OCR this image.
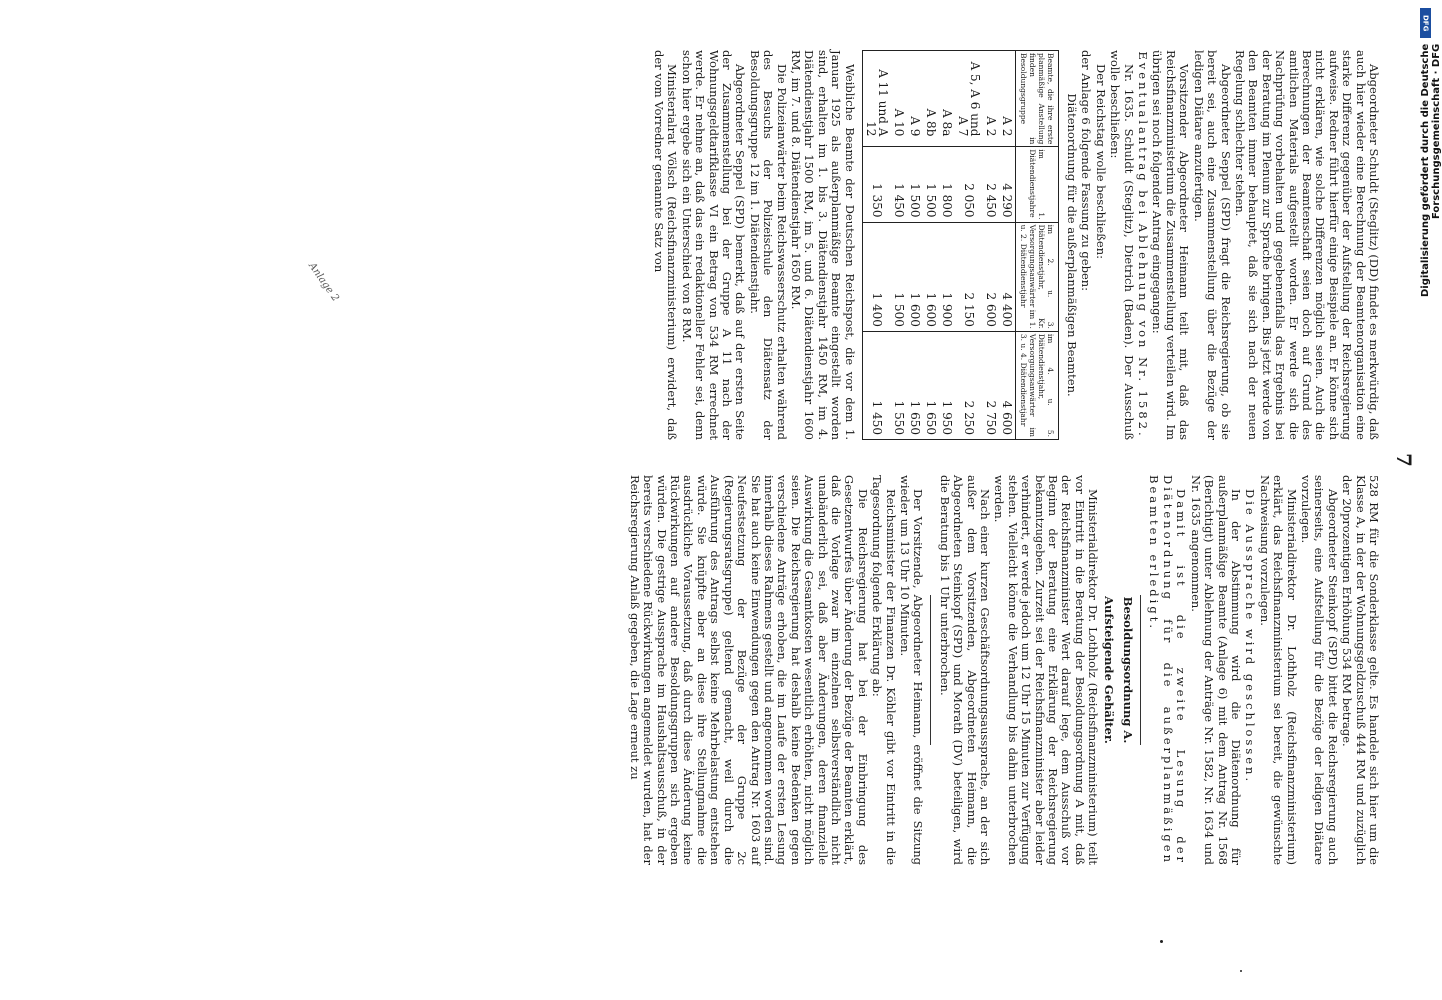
7

Abgeordneter Schuldt (Steglitz) (DD) findet es merkwürdig, daß auch hier wieder eine Berechnung der Beamtenorganisation eine starke Differenz gegenüber der Aufstellung der Reichsregierung aufweise. Redner führt hierfür einige Beispiele an. Er könne sich nicht erklären, wie solche Differenzen möglich seien. Auch die Berechnungen der Beamtenschaft seien doch auf Grund des amtlichen Materials aufgestellt worden. Er werde sich die Nachprüfung vorbehalten und gegebenenfalls das Ergebnis bei der Beratung im Plenum zur Sprache bringen. Bis jetzt werde von den Beamten immer behauptet, daß sie sich nach der neuen Regelung schlechter stehen.

Abgeordneter Seppel (SPD) fragt die Reichsregierung, ob sie bereit sei, auch eine Zusammenstellung über die Bezüge der ledigen Diätare anzufertigen.

Vorsitzender Abgeordneter Heimann teilt mit, daß das Reichsfinanzministerium die Zusammenstellung verteilen wird. Im übrigen sei noch folgender Antrag eingegangen:

Eventualantrag bei Ablehnung von Nr. 1582.

Nr. 1635. Schuldt (Steglitz), Dietrich (Baden). Der Ausschuß wolle beschließen:

Der Reichstag wolle beschließen:

der Anlage 6 folgende Fassung zu geben:

Diätenordnung für die außerplanmäßigen Beamten.

Beamte, die ihre erste planmäßige Anstellung finden in Besoldungsgruppe	im 1. Diätendienstjahre	im 2. u. 3. Diätendienstjahr, Kr. Versorgungsanwärter im 1. u. 2. Diätendienstjahr	im 4. u. 5. Diätendienstjahr, Versorgungsanwärter im 3. u. 4. Diätendienstjahr
A 2	4 290	4 400	4 600
A 2	2 450	2 600	2 750
A 5, A 6 und A 7	2 050	2 150	2 250
A 8a	1 800	1 900	1 950
A 8b	1 500	1 600	1 650
A 9	1 500	1 600	1 650
A 10	1 450	1 500	1 550
A 11 und A 12	1 350	1 400	1 450

Weibliche Beamte der Deutschen Reichspost, die vor dem 1. Januar 1925 als außerplanmäßige Beamte eingestellt worden sind, erhalten im 1. bis 3. Diätendienstjahr 1450 RM, im 4. Diätendienstjahr 1500 RM, im 5. und 6. Diätendienstjahr 1600 RM, im 7. und 8. Diätendienstjahr 1650 RM.

Die Polizeianwärter beim Reichswasserschutz erhalten während des Besuchs der Polizeischule den Diätensatz der Besoldungsgruppe 12 im 1. Diätendienstjahr.

Abgeordneter Seppel (SPD) bemerkt, daß auf der ersten Seite der Zusammenstellung bei der Gruppe A 11 nach der Wohnungsgeldtarifklasse VI ein Betrag von 534 RM errechnet werde. Er nehme an, daß das ein redaktioneller Fehler sei, denn schon hier ergebe sich ein Unterschied von 8 RM.

Ministerialrat Völsch (Reichsfinanzministerium) erwidert, daß der vom Vorredner genannte Satz von

528 RM für die Sonderklasse gelte. Es handele sich hier um die Klasse A, in der der Wohnungsgeldzuschuß 444 RM und zuzüglich der 20prozentigen Erhöhung 534 RM betrage.

Abgeordneter Steinkopf (SPD) bittet die Reichsregierung auch seinerseits, eine Aufstellung für die Bezüge der ledigen Diätare vorzulegen.

Ministerialdirektor Dr. Lothholz (Reichsfinanzministerium) erklärt, das Reichsfinanzministerium sei bereit, die gewünschte Nachweisung vorzulegen.

Die Aussprache wird geschlossen.

In der Abstimmung wird die Diätenordnung für außerplanmäßige Beamte (Anlage 6) mit dem Antrag Nr. 1568 (Berichtigt) unter Ablehnung der Anträge Nr. 1582, Nr. 1634 und Nr. 1635 angenommen.

Damit ist die zweite Lesung der Diätenordnung für die außerplanmäßigen Beamten erledigt.

Besoldungsordnung A.

Aufsteigende Gehälter.

Ministerialdirektor Dr. Lothholz (Reichsfinanzministerium) teilt vor Eintritt in die Beratung der Besoldungsordnung A mit, daß der Reichsfinanzminister Wert darauf lege, dem Ausschuß vor Beginn der Beratung eine Erklärung der Reichsregierung bekanntzugeben. Zurzeit sei der Reichsfinanzminister aber leider verhindert, er werde jedoch um 12 Uhr 15 Minuten zur Verfügung stehen. Vielleicht könne die Verhandlung bis dahin unterbrochen werden.

Nach einer kurzen Geschäftsordnungsaussprache, an der sich außer dem Vorsitzenden, Abgeordneten Heimann, die Abgeordneten Steinkopf (SPD) und Morath (DV) beteiligen, wird die Beratung bis 1 Uhr unterbrochen.

Der Vorsitzende, Abgeordneter Heimann, eröffnet die Sitzung wieder um 13 Uhr 10 Minuten.

Reichsminister der Finanzen Dr. Köhler gibt vor Eintritt in die Tagesordnung folgende Erklärung ab:

Die Reichsregierung hat bei der Einbringung des Gesetzentwurfes über Änderung der Bezüge der Beamten erklärt, daß die Vorlage zwar im einzelnen selbstverständlich nicht unabänderlich sei, daß aber Änderungen, deren finanzielle Auswirkung die Gesamtkosten wesentlich erhöhten, nicht möglich seien. Die Reichsregierung hat deshalb keine Bedenken gegen verschiedene Anträge erhoben, die im Laufe der ersten Lesung innerhalb dieses Rahmens gestellt und angenommen worden sind. Sie hat auch keine Einwendungen gegen den Antrag Nr. 1603 auf Neufestsetzung der Bezüge der Gruppe 2c (Regierungsratsgruppe) geltend gemacht, weil durch die Ausführung des Antrags selbst keine Mehrbelastung entstehen würde. Sie knüpfte aber an diese ihre Stellungnahme die ausdrückliche Voraussetzung, daß durch diese Änderung keine Rückwirkungen auf andere Besoldungsgruppen sich ergeben würden. Die gestrige Aussprache im Haushaltsausschuß, in der bereits verschiedene Rückwirkungen angemeldet wurden, hat der Reichsregierung Anlaß gegeben, die Lage erneut zu

Anlage 2
DFG
Digitalisierung gefördert durch die Deutsche Forschungsgemeinschaft · DFG
